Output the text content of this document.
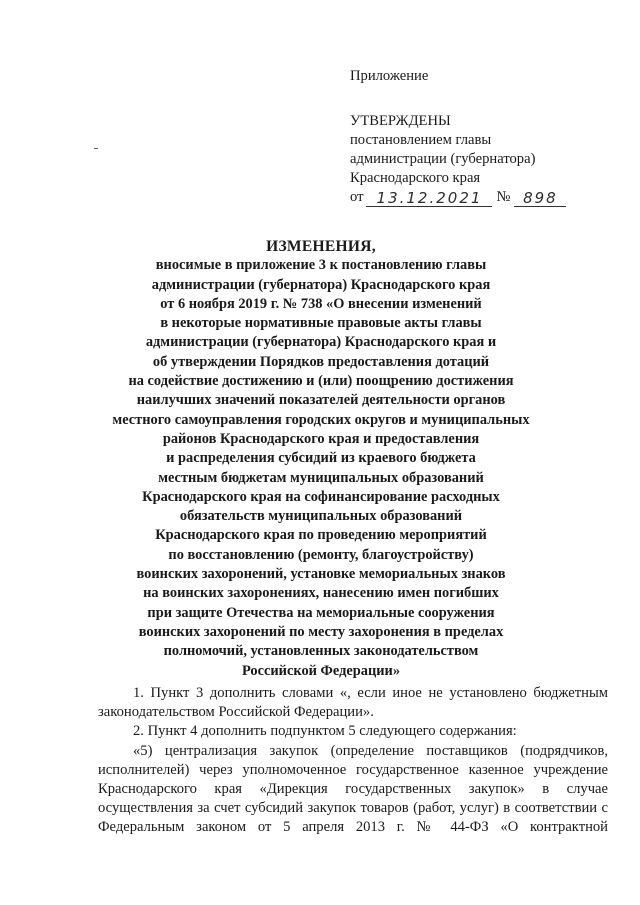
Приложение
УТВЕРЖДЕНЫ
постановлением главы
администрации (губернатора)
Краснодарского края
от 13.12.2021 № 898
ИЗМЕНЕНИЯ,
вносимые в приложение 3 к постановлению главы
администрации (губернатора) Краснодарского края
от 6 ноября 2019 г. № 738 «О внесении изменений
в некоторые нормативные правовые акты главы
администрации (губернатора) Краснодарского края и
об утверждении Порядков предоставления дотаций
на содействие достижению и (или) поощрению достижения
наилучших значений показателей деятельности органов
местного самоуправления городских округов и муниципальных
районов Краснодарского края и предоставления
и распределения субсидий из краевого бюджета
местным бюджетам муниципальных образований
Краснодарского края на софинансирование расходных
обязательств муниципальных образований
Краснодарского края по проведению мероприятий
по восстановлению (ремонту, благоустройству)
воинских захоронений, установке мемориальных знаков
на воинских захоронениях, нанесению имен погибших
при защите Отечества на мемориальные сооружения
воинских захоронений по месту захоронения в пределах
полномочий, установленных законодательством
Российской Федерации»

1. Пункт 3 дополнить словами «, если иное не установлено бюджетным законодательством Российской Федерации».

2. Пункт 4 дополнить подпунктом 5 следующего содержания:

«5) централизация закупок (определение поставщиков (подрядчиков, исполнителей) через уполномоченное государственное казенное учреждение Краснодарского края «Дирекция государственных закупок» в случае осуществления за счет субсидий закупок товаров (работ, услуг) в соответствии с Федеральным законом от 5 апреля 2013 г. № 44-ФЗ «О контрактной
